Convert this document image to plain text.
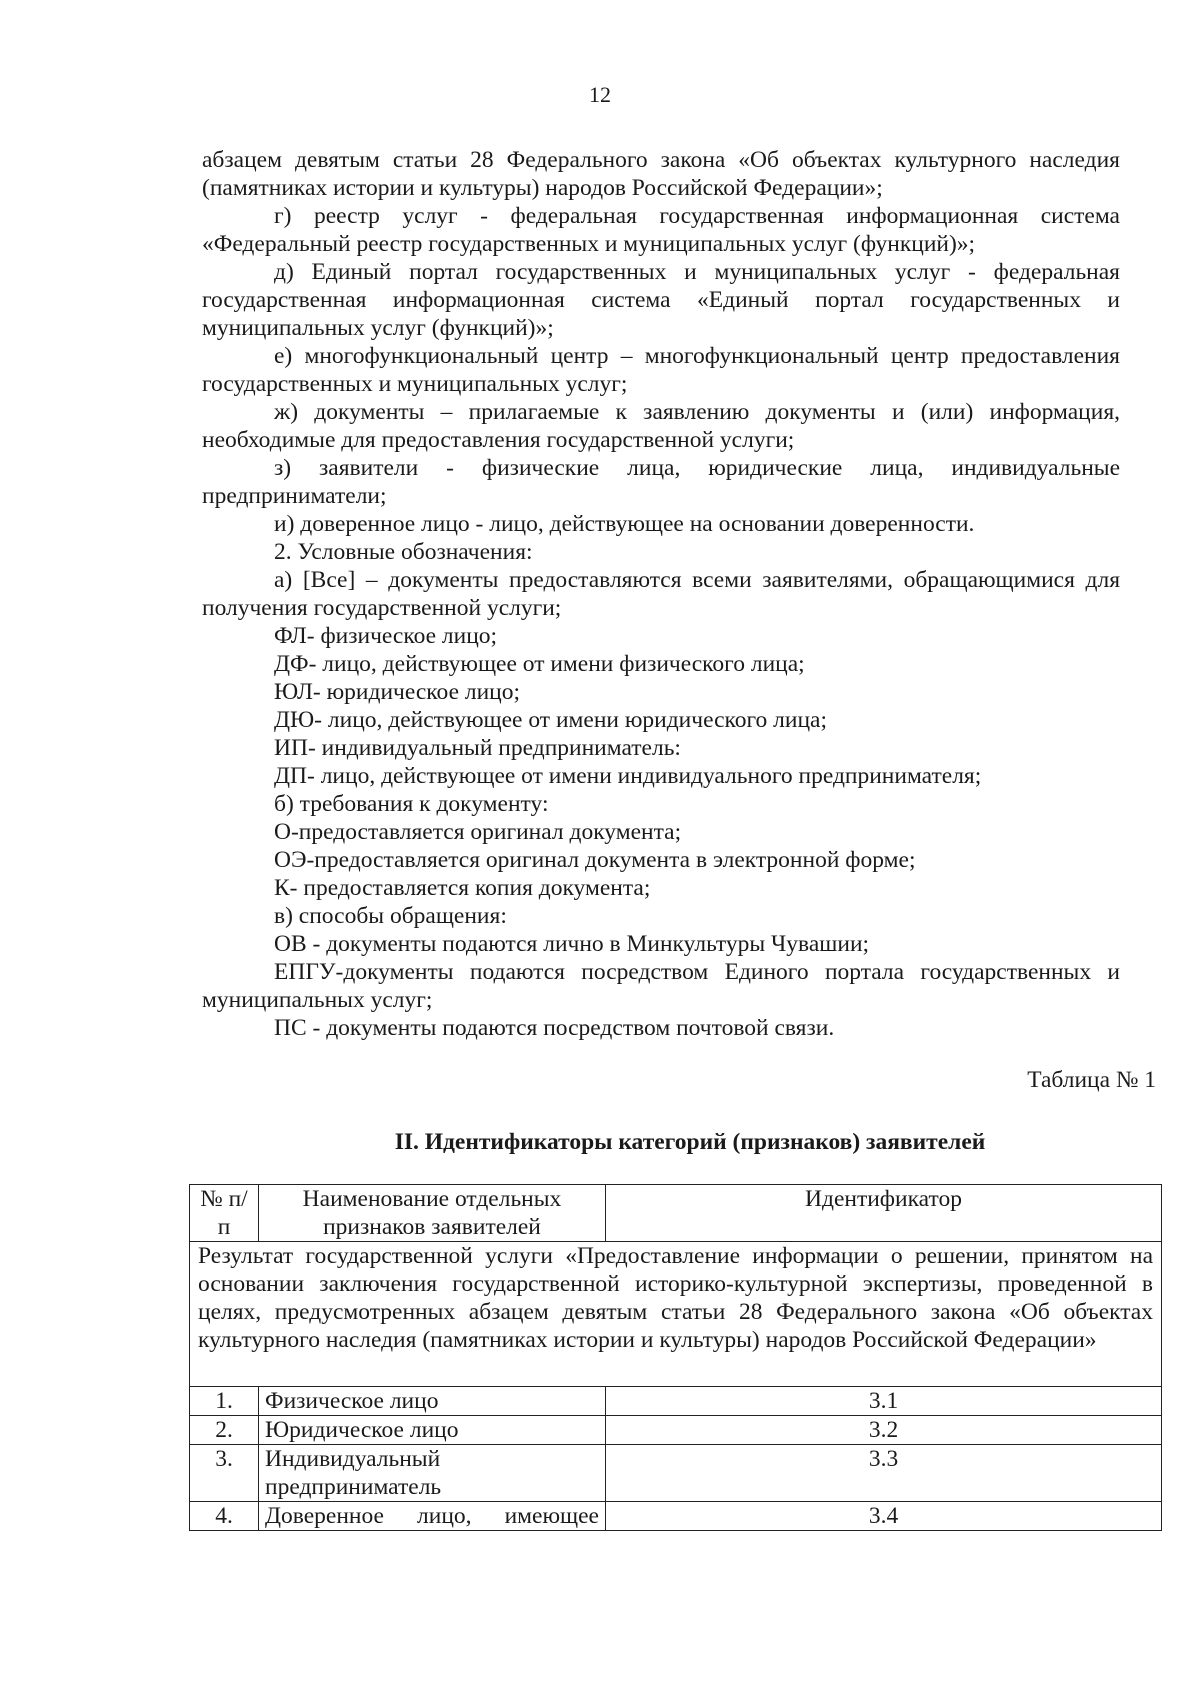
12

абзацем девятым статьи 28 Федерального закона «Об объектах культурного наследия (памятниках истории и культуры) народов Российской Федерации»;

г) реестр услуг - федеральная государственная информационная система «Федеральный реестр государственных и муниципальных услуг (функций)»;

д) Единый портал государственных и муниципальных услуг - федеральная государственная информационная система «Единый портал государственных и муниципальных услуг (функций)»;

е) многофункциональный центр – многофункциональный центр предоставления государственных и муниципальных услуг;

ж) документы – прилагаемые к заявлению документы и (или) информация, необходимые для предоставления государственной услуги;

з) заявители - физические лица, юридические лица, индивидуальные предприниматели;

и) доверенное лицо - лицо, действующее на основании доверенности.

2. Условные обозначения:

а) [Все] – документы предоставляются всеми заявителями, обращающимися для получения государственной услуги;

ФЛ- физическое лицо;

ДФ- лицо, действующее от имени физического лица;

ЮЛ- юридическое лицо;

ДЮ- лицо, действующее от имени юридического лица;

ИП- индивидуальный предприниматель:

ДП- лицо, действующее от имени индивидуального предпринимателя;

б) требования к документу:

О-предоставляется оригинал документа;

ОЭ-предоставляется оригинал документа в электронной форме;

К- предоставляется копия документа;

в) способы обращения:

ОВ - документы подаются лично в Минкультуры Чувашии;

ЕПГУ-документы подаются посредством Единого портала государственных и муниципальных услуг;

ПС - документы подаются посредством почтовой связи.

Таблица № 1
II. Идентификаторы категорий (признаков) заявителей
№ п/п	Наименование отдельных признаков заявителей	Идентификатор
Результат государственной услуги «Предоставление информации о решении, принятом на основании заключения государственной историко-культурной экспертизы, проведенной в целях, предусмотренных абзацем девятым статьи 28 Федерального закона «Об объектах культурного наследия (памятниках истории и культуры) народов Российской Федерации»		
1.	Физическое лицо	3.1
2.	Юридическое лицо	3.2
3.	Индивидуальный предприниматель	3.3
4.	Доверенное лицо, имеющее	3.4
